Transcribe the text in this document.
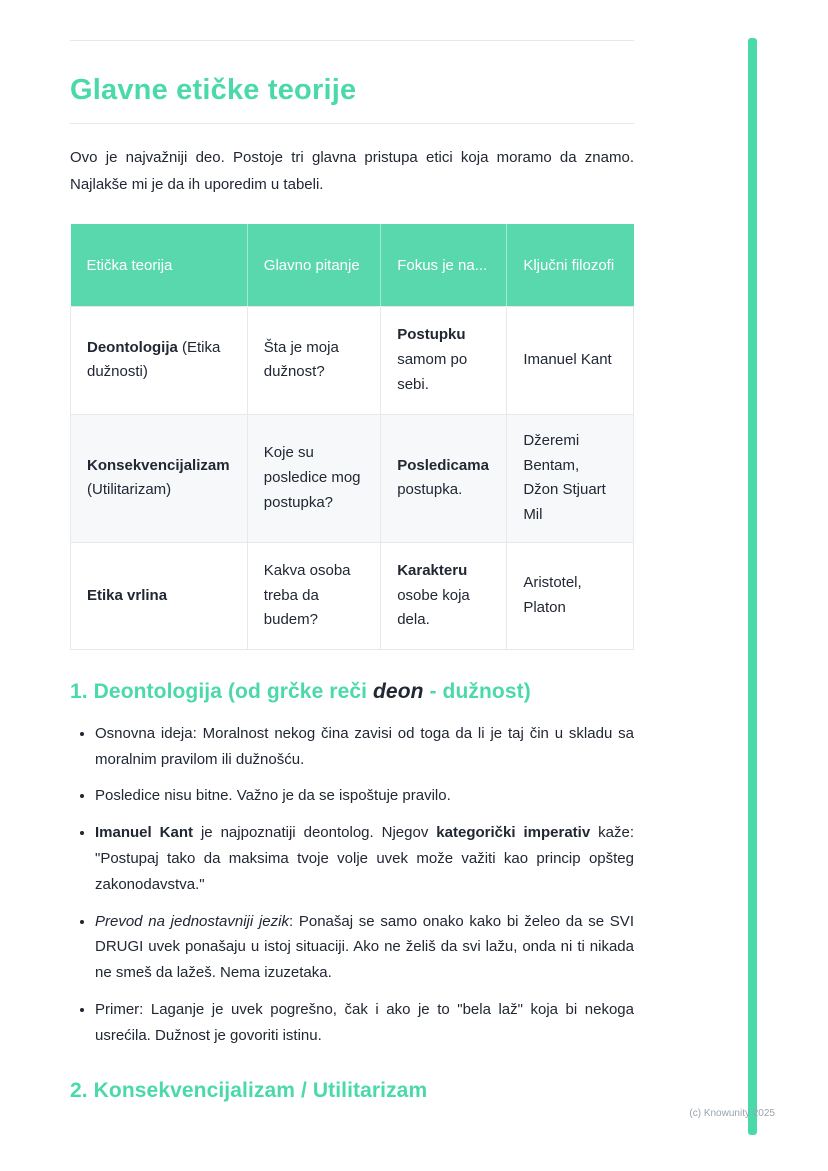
Glavne etičke teorije

Ovo je najvažniji deo. Postoje tri glavna pristupa etici koja moramo da znamo. Najlakše mi je da ih uporedim u tabeli.

Etička teorija	Glavno pitanje	Fokus je na...	Ključni filozofi
Deontologija (Etika dužnosti)	Šta je moja dužnost?	Postupku samom po sebi.	Imanuel Kant
Konsekvencijalizam (Utilitarizam)	Koje su posledice mog postupka?	Posledicama postupka.	Džeremi Bentam, Džon Stjuart Mil
Etika vrlina	Kakva osoba treba da budem?	Karakteru osobe koja dela.	Aristotel, Platon
1. Deontologija (od grčke reči deon - dužnost)
• Osnovna ideja: Moralnost nekog čina zavisi od toga da li je taj čin u skladu sa moralnim pravilom ili dužnošću.
• Posledice nisu bitne. Važno je da se ispoštuje pravilo.
• Imanuel Kant je najpoznatiji deontolog. Njegov kategorički imperativ kaže: "Postupaj tako da maksima tvoje volje uvek može važiti kao princip opšteg zakonodavstva."
• Prevod na jednostavniji jezik: Ponašaj se samo onako kako bi želeo da se SVI DRUGI uvek ponašaju u istoj situaciji. Ako ne želiš da svi lažu, onda ni ti nikada ne smeš da lažeš. Nema izuzetaka.
• Primer: Laganje je uvek pogrešno, čak i ako je to "bela laž" koja bi nekoga usrećila. Dužnost je govoriti istinu.
2. Konsekvencijalizam / Utilitarizam
(c) Knowunity 2025
